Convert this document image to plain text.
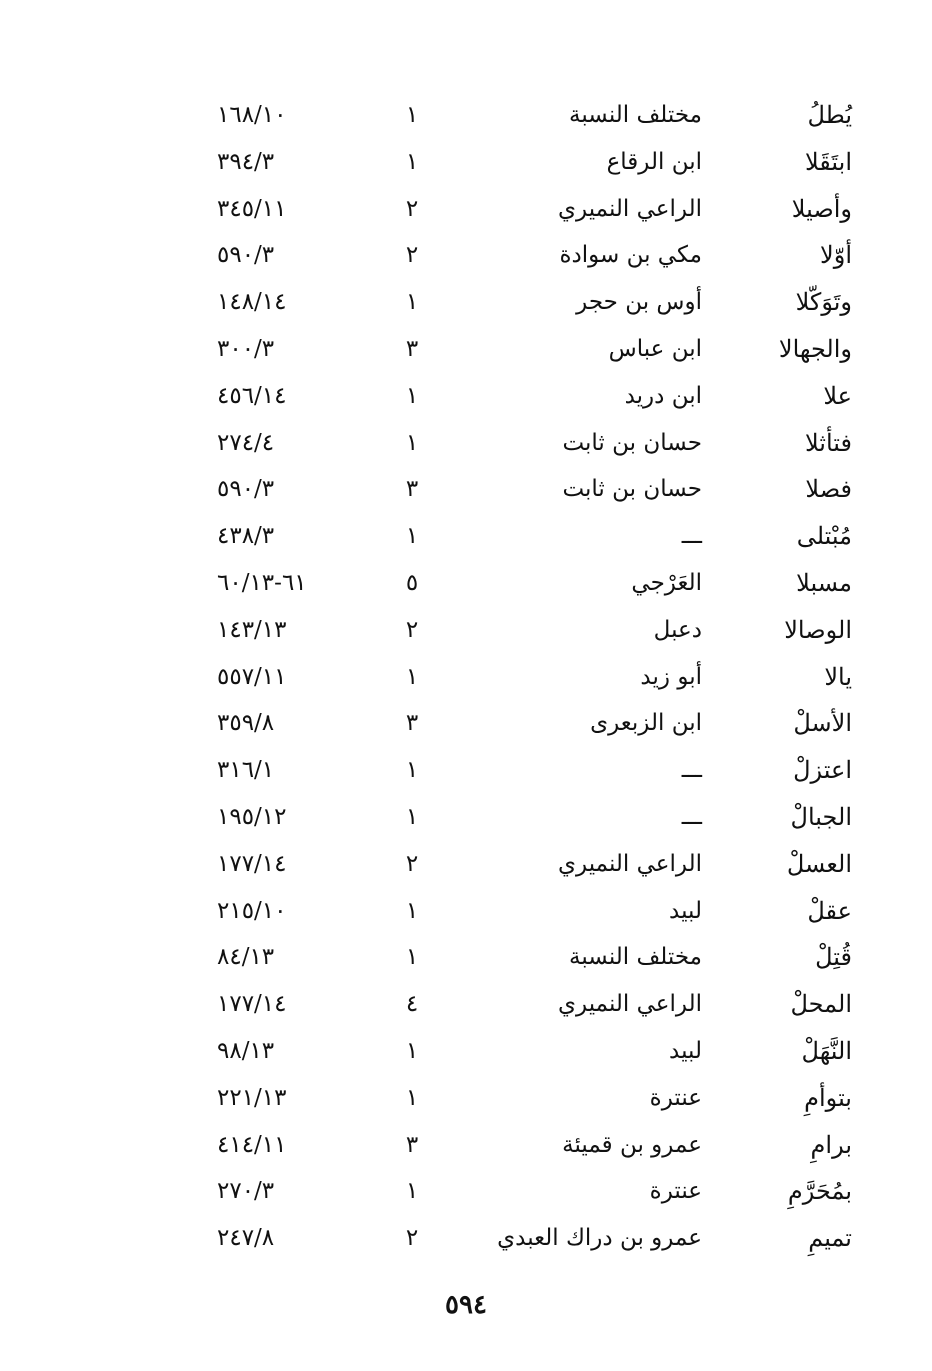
يُطلُ
مختلف النسبة
١
١٦٨/١٠
ابتَقَلا
ابن الرقاع
١
٣٩٤/٣
وأصيلا
الراعي النميري
٢
٣٤٥/١١
أوّلا
مكي بن سوادة
٢
٥٩٠/٣
وتَوَكّلا
أوس بن حجر
١
١٤٨/١٤
والجهالا
ابن عباس
٣
٣٠٠/٣
علا
ابن دريد
١
٤٥٦/١٤
فتأثلا
حسان بن ثابت
١
٢٧٤/٤
فصلا
حسان بن ثابت
٣
٥٩٠/٣
مُبْتلى
ـــ
١
٤٣٨/٣
مسبلا
العَرْجي
٥
٦١-٦٠/١٣
الوصالا
دعبل
٢
١٤٣/١٣
يالا
أبو زيد
١
٥٥٧/١١
الأسلْ
ابن الزبعرى
٣
٣٥٩/٨
اعتزلْ
ـــ
١
٣١٦/١
الجبالْ
ـــ
١
١٩٥/١٢
العسلْ
الراعي النميري
٢
١٧٧/١٤
عقلْ
لبيد
١
٢١٥/١٠
قُتِلْ
مختلف النسبة
١
٨٤/١٣
المحلْ
الراعي النميري
٤
١٧٧/١٤
النَّهَلْ
لبيد
١
٩٨/١٣
بتوأمِ
عنترة
١
٢٢١/١٣
برامِ
عمرو بن قميئة
٣
٤١٤/١١
بمُحَرَّمِ
عنترة
١
٢٧٠/٣
تميمِ
عمرو بن دراك العبدي
٢
٢٤٧/٨
٥٩٤
